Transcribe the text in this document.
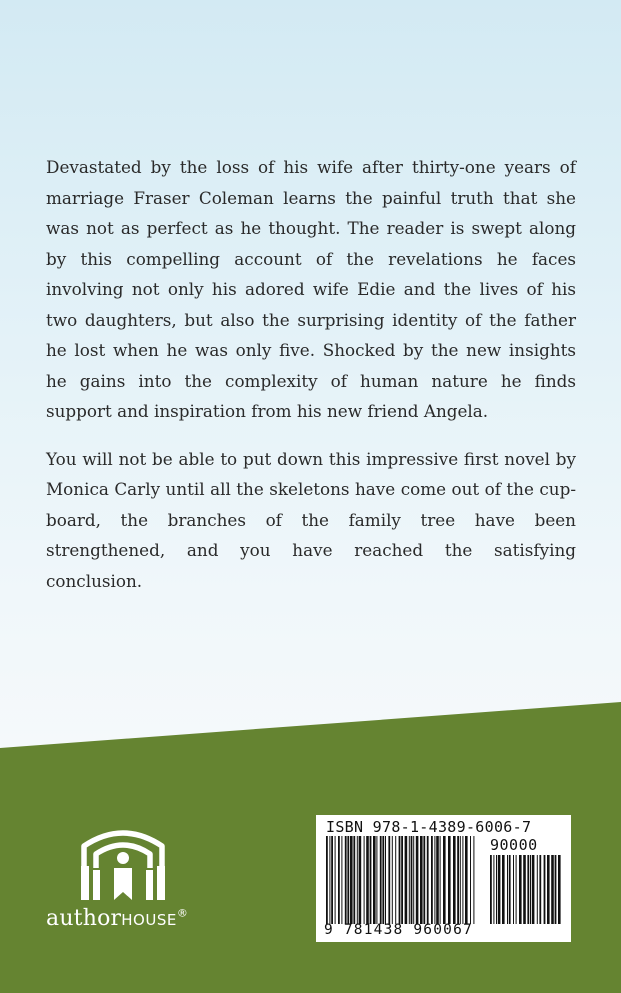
Devastated by the loss of his wife after thirty-one years of marriage Fraser Coleman learns the painful truth that she was not as perfect as he thought. The reader is swept along by this compelling account of the revelations he faces involving not only his adored wife Edie and the lives of his two daughters, but also the surprising identity of the father he lost when he was only five. Shocked by the new insights he gains into the complexity of human nature he finds support and inspiration from his new friend Angela.

You will not be able to put down this impressive first novel by Monica Carly until all the skeletons have come out of the cup-board, the branches of the family tree have been strengthened, and you have reached the satisfying conclusion.

authorHOUSE®
ISBN 978-1-4389-6006-7
90000
9 781438 960067
